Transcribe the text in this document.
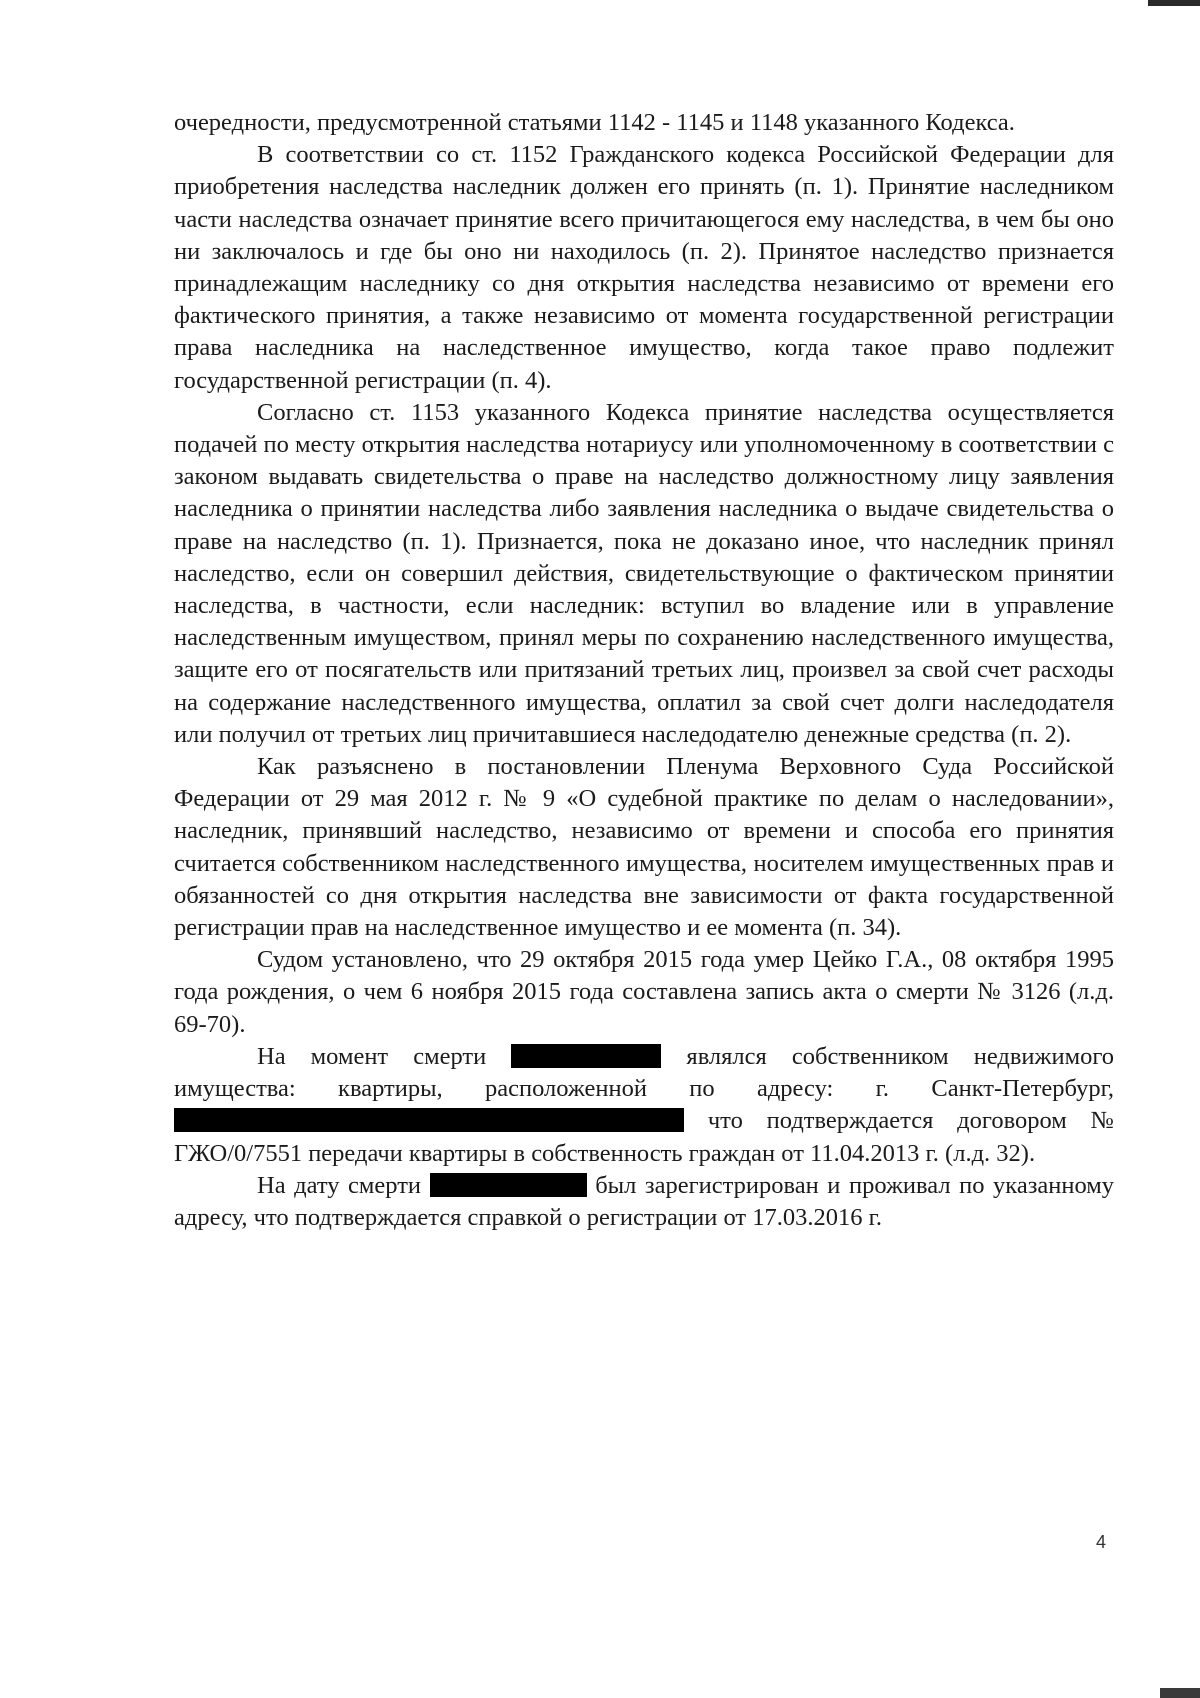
очередности, предусмотренной статьями 1142 - 1145 и 1148 указанного Кодекса.

В соответствии со ст. 1152 Гражданского кодекса Российской Федерации для приобретения наследства наследник должен его принять (п. 1). Принятие наследником части наследства означает принятие всего причитающегося ему наследства, в чем бы оно ни заключалось и где бы оно ни находилось (п. 2). Принятое наследство признается принадлежащим наследнику со дня открытия наследства независимо от времени его фактического принятия, а также независимо от момента государственной регистрации права наследника на наследственное имущество, когда такое право подлежит государственной регистрации (п. 4).

Согласно ст. 1153 указанного Кодекса принятие наследства осуществляется подачей по месту открытия наследства нотариусу или уполномоченному в соответствии с законом выдавать свидетельства о праве на наследство должностному лицу заявления наследника о принятии наследства либо заявления наследника о выдаче свидетельства о праве на наследство (п. 1). Признается, пока не доказано иное, что наследник принял наследство, если он совершил действия, свидетельствующие о фактическом принятии наследства, в частности, если наследник: вступил во владение или в управление наследственным имуществом, принял меры по сохранению наследственного имущества, защите его от посягательств или притязаний третьих лиц, произвел за свой счет расходы на содержание наследственного имущества, оплатил за свой счет долги наследодателя или получил от третьих лиц причитавшиеся наследодателю денежные средства (п. 2).

Как разъяснено в постановлении Пленума Верховного Суда Российской Федерации от 29 мая 2012 г. № 9 «О судебной практике по делам о наследовании», наследник, принявший наследство, независимо от времени и способа его принятия считается собственником наследственного имущества, носителем имущественных прав и обязанностей со дня открытия наследства вне зависимости от факта государственной регистрации прав на наследственное имущество и ее момента (п. 34).

Судом установлено, что 29 октября 2015 года умер Цейко Г.А., 08 октября 1995 года рождения, о чем 6 ноября 2015 года составлена запись акта о смерти № 3126 (л.д. 69-70).

На момент смерти	являлся собственником недвижимого имущества: квартиры, расположенной по адресу: г. Санкт-Петербург,  что подтверждается договором № ГЖО/0/7551 передачи квартиры в собственность граждан от 11.04.2013 г. (л.д. 32).

На дату смерти	был зарегистрирован и проживал по указанному адресу, что подтверждается справкой о регистрации от 17.03.2016 г.

4
